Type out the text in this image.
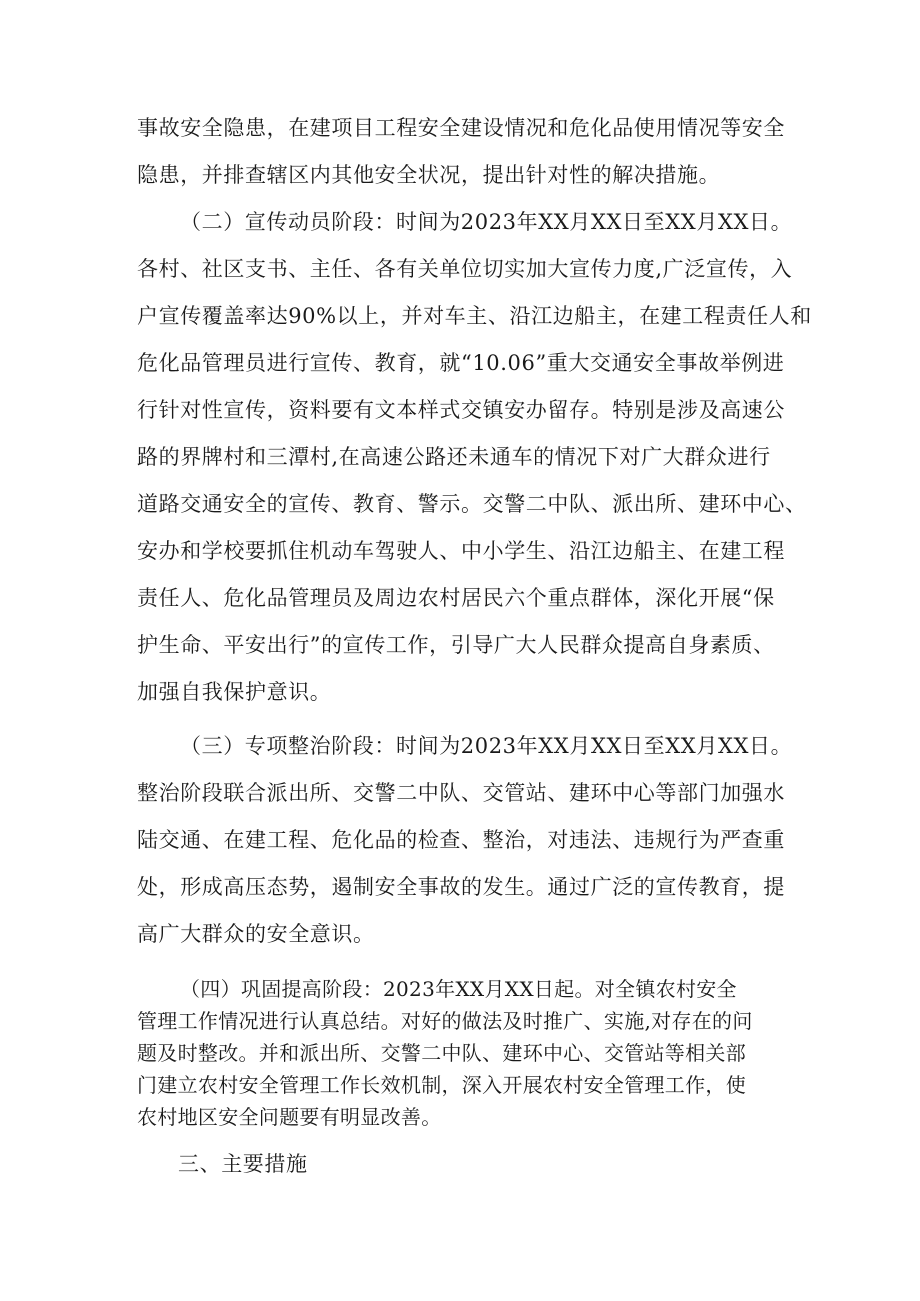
事故安全隐患，在建项目工程安全建设情况和危化品使用情况等安全
隐患，并排查辖区内其他安全状况，提出针对性的解决措施。
（二）宣传动员阶段：时间为2023年XX月XX日至XX月XX日。
各村、社区支书、主任、各有关单位切实加大宣传力度,广泛宣传，入
户宣传覆盖率达90%以上，并对车主、沿江边船主，在建工程责任人和
危化品管理员进行宣传、教育，就“10.06”重大交通安全事故举例进
行针对性宣传，资料要有文本样式交镇安办留存。特别是涉及高速公
路的界牌村和三潭村,在高速公路还未通车的情况下对广大群众进行
道路交通安全的宣传、教育、警示。交警二中队、派出所、建环中心、
安办和学校要抓住机动车驾驶人、中小学生、沿江边船主、在建工程
责任人、危化品管理员及周边农村居民六个重点群体，深化开展“保
护生命、平安出行”的宣传工作，引导广大人民群众提高自身素质、
加强自我保护意识。
（三）专项整治阶段：时间为2023年XX月XX日至XX月XX日。
整治阶段联合派出所、交警二中队、交管站、建环中心等部门加强水
陆交通、在建工程、危化品的检查、整治，对违法、违规行为严查重
处，形成高压态势，遏制安全事故的发生。通过广泛的宣传教育，提
高广大群众的安全意识。
（四）巩固提高阶段：2023年XX月XX日起。对全镇农村安全
管理工作情况进行认真总结。对好的做法及时推广、实施,对存在的问
题及时整改。并和派出所、交警二中队、建环中心、交管站等相关部
门建立农村安全管理工作长效机制，深入开展农村安全管理工作，使
农村地区安全问题要有明显改善。
三、主要措施
